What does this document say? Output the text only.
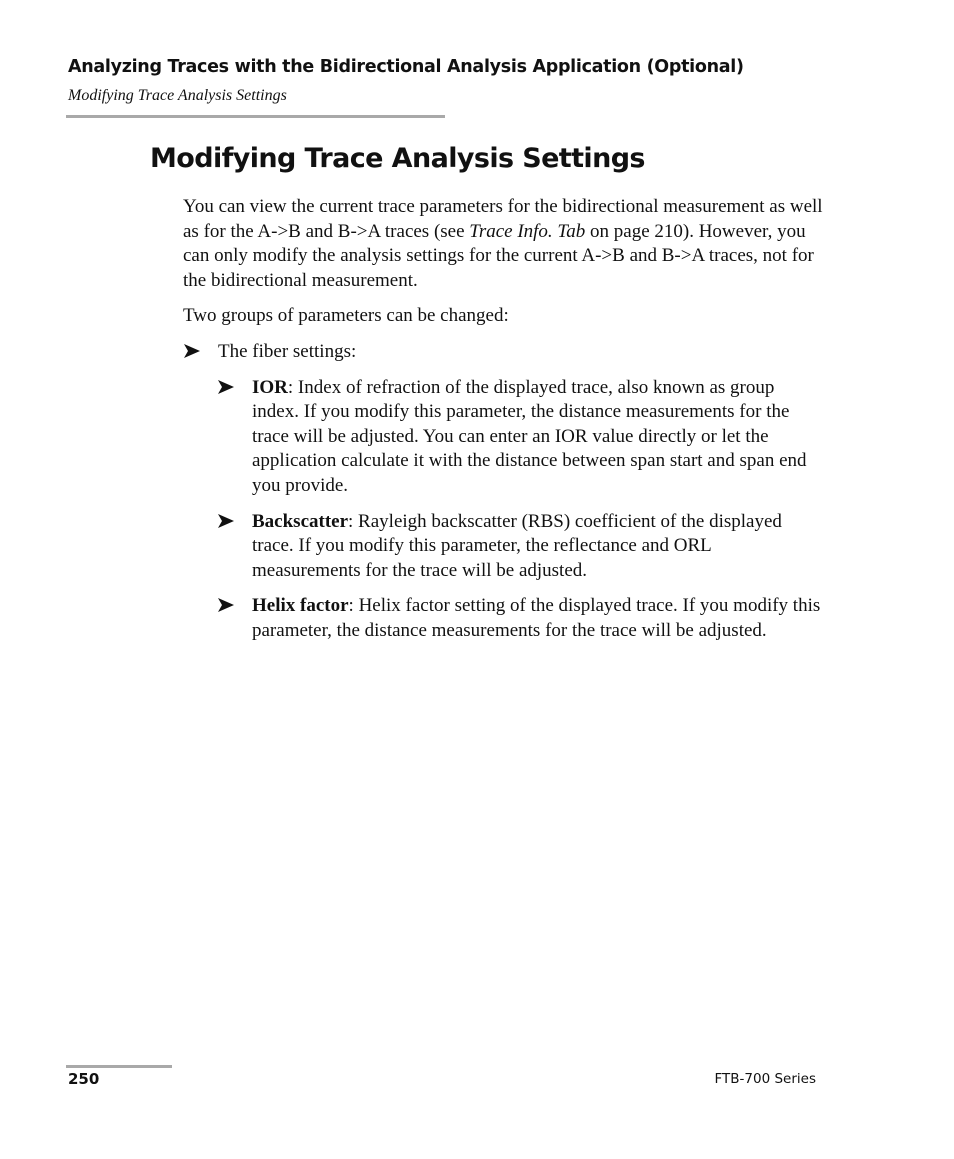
Analyzing Traces with the Bidirectional Analysis Application (Optional)
Modifying Trace Analysis Settings
Modifying Trace Analysis Settings

You can view the current trace parameters for the bidirectional measurement as well as for the A->B and B->A traces (see Trace Info. Tab on page 210). However, you can only modify the analysis settings for the current A->B and B->A traces, not for the bidirectional measurement.

Two groups of parameters can be changed:

The fiber settings:
IOR: Index of refraction of the displayed trace, also known as group index. If you modify this parameter, the distance measurements for the trace will be adjusted. You can enter an IOR value directly or let the application calculate it with the distance between span start and span end you provide.
Backscatter: Rayleigh backscatter (RBS) coefficient of the displayed trace. If you modify this parameter, the reflectance and ORL measurements for the trace will be adjusted.
Helix factor: Helix factor setting of the displayed trace. If you modify this parameter, the distance measurements for the trace will be adjusted.
250	FTB-700 Series
